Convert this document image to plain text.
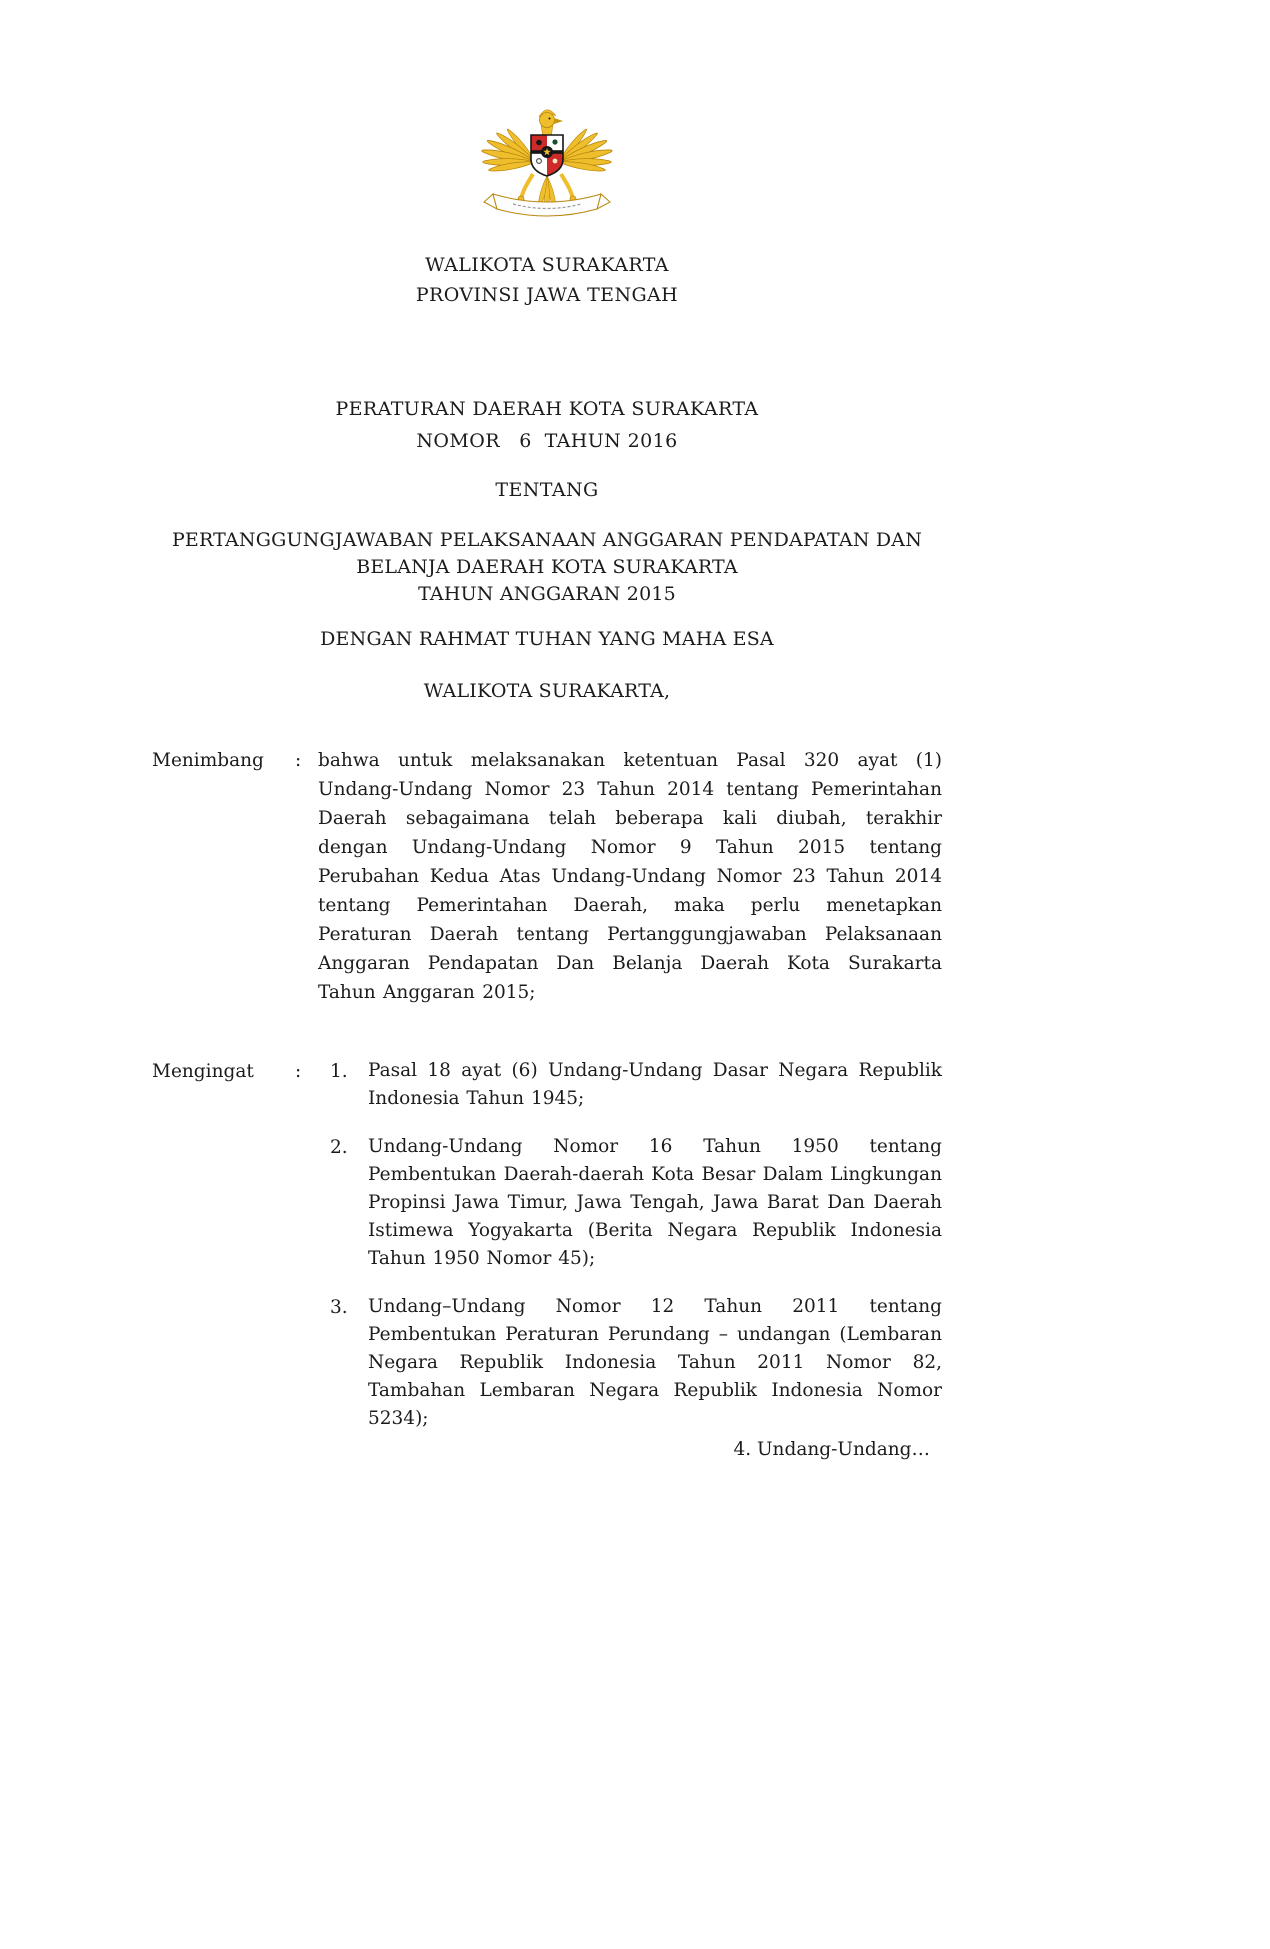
WALIKOTA SURAKARTA
PROVINSI JAWA TENGAH
PERATURAN DAERAH KOTA SURAKARTA
NOMOR   6  TAHUN 2016
TENTANG
PERTANGGUNGJAWABAN PELAKSANAAN ANGGARAN PENDAPATAN DAN
BELANJA DAERAH KOTA SURAKARTA
TAHUN ANGGARAN 2015
DENGAN RAHMAT TUHAN YANG MAHA ESA
WALIKOTA SURAKARTA,
Menimbang	: bahwa untuk melaksanakan ketentuan Pasal 320 ayat (1) Undang-Undang Nomor 23 Tahun 2014 tentang Pemerintahan Daerah sebagaimana telah beberapa kali diubah, terakhir dengan Undang-Undang Nomor 9 Tahun 2015 tentang Perubahan Kedua Atas Undang-Undang Nomor 23 Tahun 2014 tentang Pemerintahan Daerah, maka perlu menetapkan Peraturan Daerah tentang Pertanggungjawaban Pelaksanaan Anggaran Pendapatan Dan Belanja Daerah Kota Surakarta Tahun Anggaran 2015;
Mengingat	:	1.	Pasal 18 ayat (6) Undang-Undang Dasar Negara Republik Indonesia Tahun 1945;
2.	Undang-Undang Nomor 16 Tahun 1950 tentang Pembentukan Daerah-daerah Kota Besar Dalam Lingkungan Propinsi Jawa Timur, Jawa Tengah, Jawa Barat Dan Daerah Istimewa Yogyakarta (Berita Negara Republik Indonesia Tahun 1950 Nomor 45);
3.	Undang–Undang Nomor 12 Tahun 2011 tentang Pembentukan Peraturan Perundang – undangan (Lembaran Negara Republik Indonesia Tahun 2011 Nomor 82, Tambahan Lembaran Negara Republik Indonesia Nomor 5234);
4. Undang-Undang…
